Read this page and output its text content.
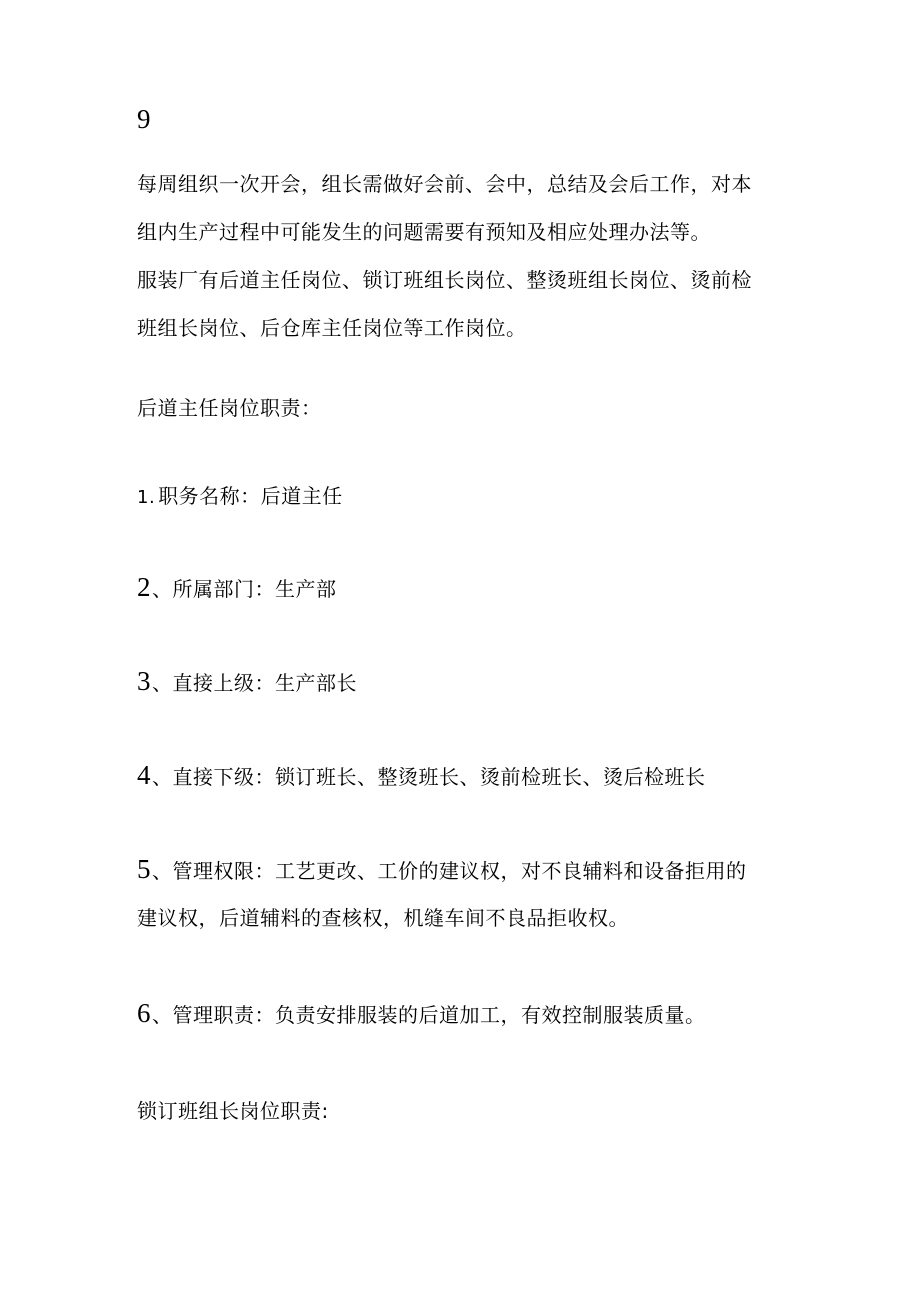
9
每周组织一次开会，组长需做好会前、会中，总结及会后工作，对本
组内生产过程中可能发生的问题需要有预知及相应处理办法等。
服装厂有后道主任岗位、锁订班组长岗位、整烫班组长岗位、烫前检
班组长岗位、后仓库主任岗位等工作岗位。
后道主任岗位职责：
1. 职务名称：后道主任
2、所属部门：生产部
3、直接上级：生产部长
4、直接下级：锁订班长、整烫班长、烫前检班长、烫后检班长
5、管理权限：工艺更改、工价的建议权，对不良辅料和设备拒用的
建议权，后道辅料的查核权，机缝车间不良品拒收权。
6、管理职责：负责安排服装的后道加工，有效控制服装质量。
锁订班组长岗位职责:
